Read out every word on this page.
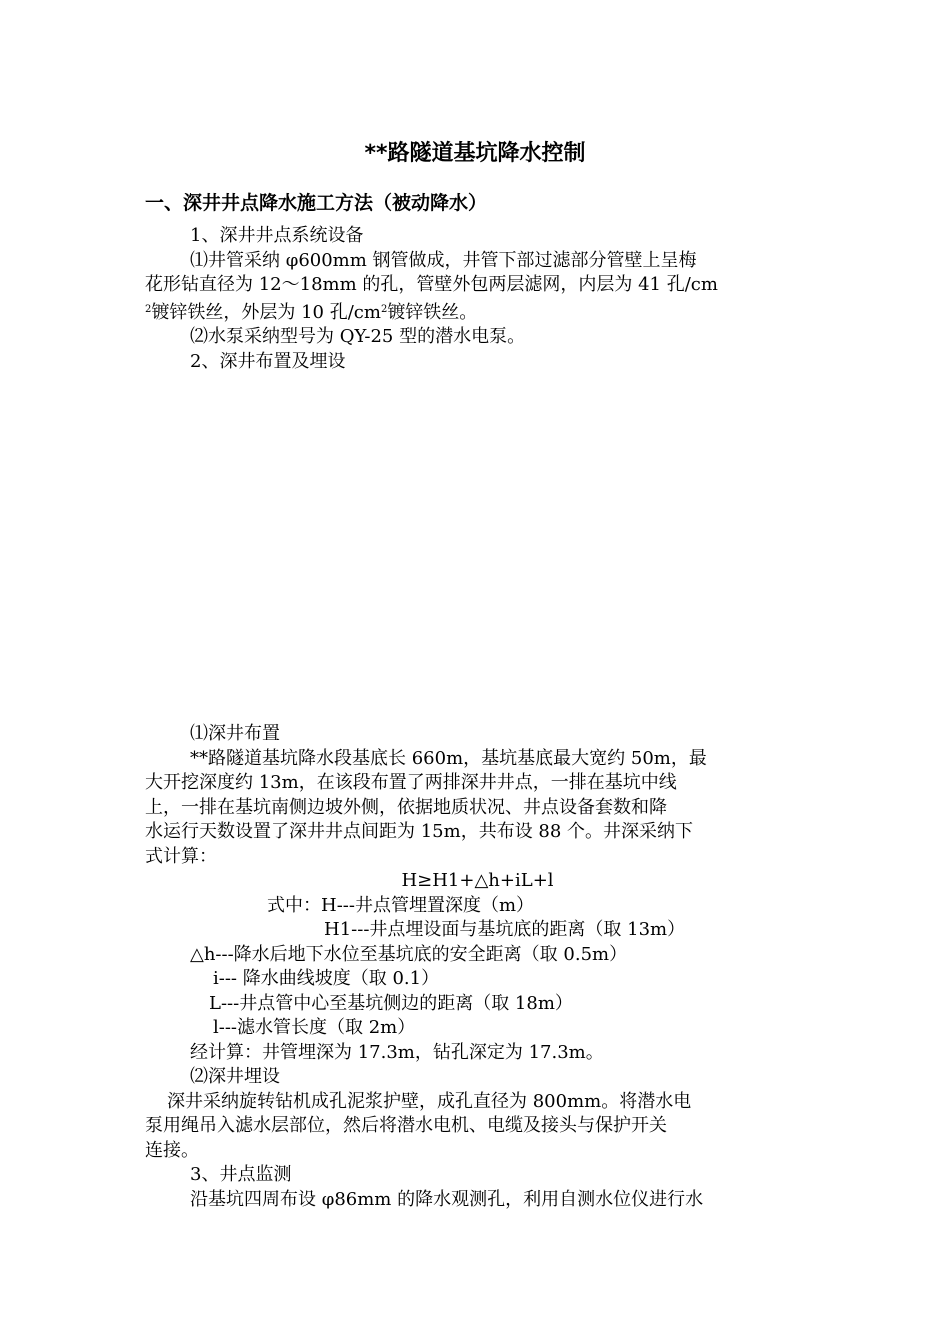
**路隧道基坑降水控制
一、深井井点降水施工方法（被动降水）
1、深井井点系统设备
⑴井管采纳 φ600mm 钢管做成，井管下部过滤部分管壁上呈梅
花形钻直径为 12～18mm 的孔，管壁外包两层滤网，内层为 41 孔/cm
$^2$镀锌铁丝，外层为 10 孔$/cm^2$镀锌铁丝。
⑵水泵采纳型号为 QY-25 型的潜水电泵。
2、深井布置及埋设
⑴深井布置
**路隧道基坑降水段基底长 660m，基坑基底最大宽约 50m，最
大开挖深度约 13m，在该段布置了两排深井井点，一排在基坑中线
上，一排在基坑南侧边坡外侧，依据地质状况、井点设备套数和降
水运行天数设置了深井井点间距为 15m，共布设 88 个。井深采纳下
式计算：
H≥H1+△h+iL+l
式中：H---井点管埋置深度（m）
H1---井点埋设面与基坑底的距离（取 13m）
△h---降水后地下水位至基坑底的安全距离（取 0.5m）
i--- 降水曲线坡度（取 0.1）
L---井点管中心至基坑侧边的距离（取 18m）
l---滤水管长度（取 2m）
经计算：井管埋深为 17.3m，钻孔深定为 17.3m。
⑵深井埋设
深井采纳旋转钻机成孔泥浆护壁，成孔直径为 800mm。将潜水电
泵用绳吊入滤水层部位，然后将潜水电机、电缆及接头与保护开关
连接。
3、井点监测
沿基坑四周布设 φ86mm 的降水观测孔，利用自测水位仪进行水
